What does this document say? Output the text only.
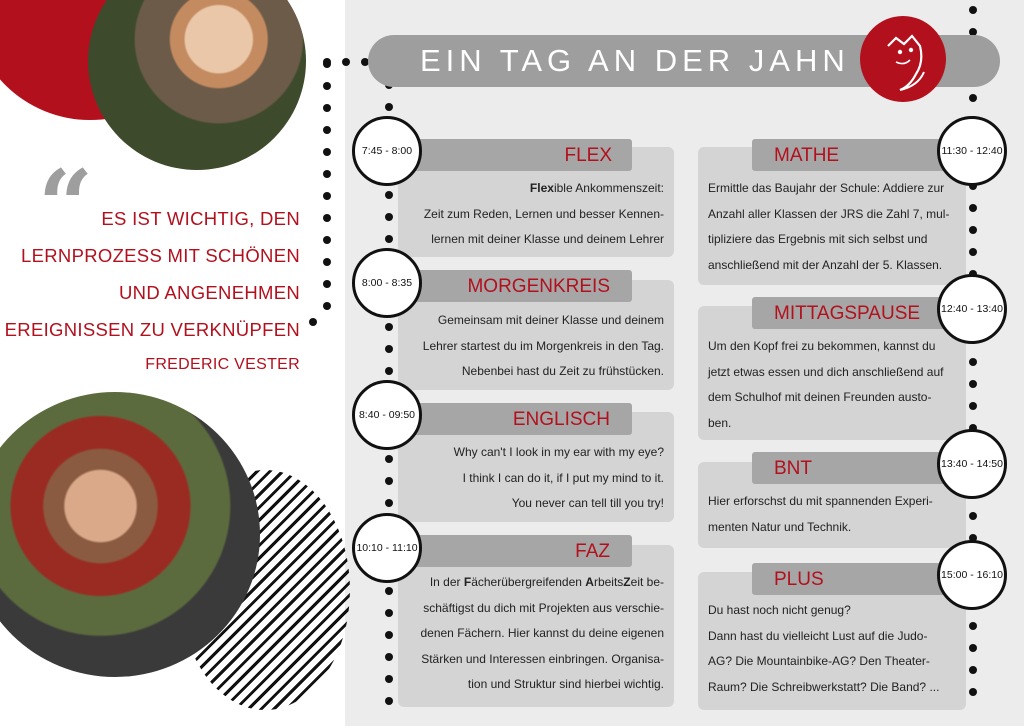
“ ES IST WICHTIG, DEN
LERNPROZESS MIT SCHÖNEN
UND ANGENEHMEN
EREIGNISSEN ZU VERKNÜPFEN
FREDERIC VESTER
EIN TAG AN DER JAHN
FLEX
Flexible Ankommenszeit:
Zeit zum Reden, Lernen und besser Kennen-
lernen mit deiner Klasse und deinem Lehrer
MORGENKREIS
Gemeinsam mit deiner Klasse und deinem
Lehrer startest du im Morgenkreis in den Tag.
Nebenbei hast du Zeit zu frühstücken.
ENGLISCH
Why can't I look in my ear with my eye?
I think I can do it, if I put my mind to it.
You never can tell till you try!
FAZ
In der Fächerübergreifenden ArbeitsZeit be-
schäftigst du dich mit Projekten aus verschie-
denen Fächern. Hier kannst du deine eigenen
Stärken und Interessen einbringen. Organisa-
tion und Struktur sind hierbei wichtig.
MATHE
Ermittle das Baujahr der Schule: Addiere zur
Anzahl aller Klassen der JRS die Zahl 7, mul-
tipliziere das Ergebnis mit sich selbst und
anschließend mit der Anzahl der 5. Klassen.
MITTAGSPAUSE
Um den Kopf frei zu bekommen, kannst du
jetzt etwas essen und dich anschließend auf
dem Schulhof mit deinen Freunden austo-
ben.
BNT
Hier erforschst du mit spannenden Experi-
menten Natur und Technik.
PLUS
Du hast noch nicht genug?
Dann hast du vielleicht Lust auf die Judo-
AG? Die Mountainbike-AG? Den Theater-
Raum? Die Schreibwerkstatt? Die Band? ...
7:45 - 8:00
8:00 - 8:35
8:40 - 09:50
10:10 - 11:10
11:30 - 12:40
12:40 - 13:40
13:40 - 14:50
15:00 - 16:10
